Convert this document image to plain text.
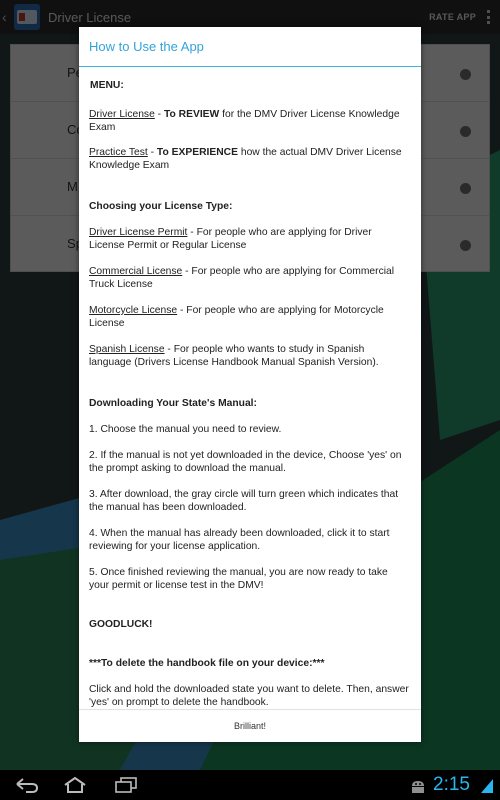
How to Use the App

MENU:

Driver License - To REVIEW for the DMV Driver License Knowledge Exam

Practice Test - To EXPERIENCE how the actual DMV Driver License Knowledge Exam

Choosing your License Type:

Driver License Permit - For people who are applying for Driver License Permit or Regular License

Commercial License - For people who are applying for Commercial Truck License

Motorcycle License - For people who are applying for Motorcycle License

Spanish License - For people who wants to study in Spanish language (Drivers License Handbook Manual Spanish Version).

Downloading Your State's Manual:

1. Choose the manual you need to review.

2. If the manual is not yet downloaded in the device, Choose 'yes' on the prompt asking to download the manual.

3. After download, the gray circle will turn green which indicates that the manual has been downloaded.

4. When the manual has already been downloaded, click it to start reviewing for your license application.

5. Once finished reviewing the manual, you are now ready to take your permit or license test in the DMV!

GOODLUCK!

***To delete the handbook file on your device:***

Click and hold the downloaded state you want to delete. Then, answer 'yes' on prompt to delete the handbook.

Brilliant!
2:15
